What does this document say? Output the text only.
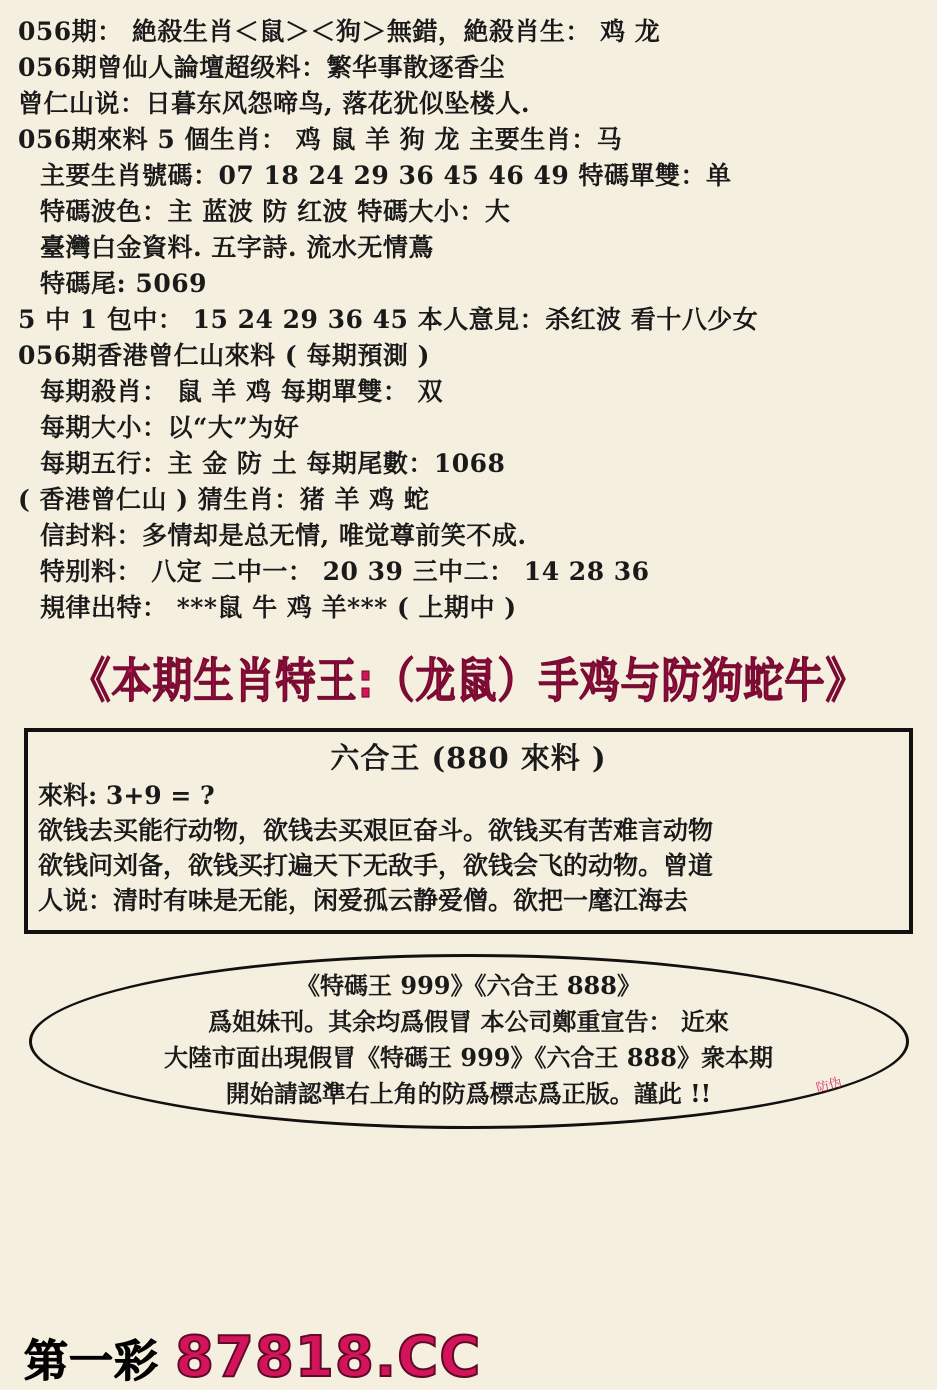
056期： 絶殺生肖＜鼠＞＜狗＞無錯，絶殺肖生： 鸡 龙
056期曾仙人論壇超级料：繁华事散逐香尘
曾仁山说：日暮东风怨啼鸟, 落花犹似坠楼人.
056期來料 5 個生肖： 鸡 鼠 羊 狗 龙 主要生肖：马
主要生肖號碼：07 18 24 29 36 45 46 49 特碼單雙：单
特碼波色：主 蓝波 防 红波 特碼大小：大
臺灣白金資料. 五字詩. 流水无情蔦
特碼尾: 5069
5 中 1 包中： 15 24 29 36 45 本人意見：杀红波 看十八少女
056期香港曾仁山來料 ( 每期預測 )
每期殺肖： 鼠 羊 鸡 每期單雙： 双
每期大小：以“大”为好
每期五行：主 金 防 土 每期尾數：1068
( 香港曾仁山 ) 猜生肖：猪 羊 鸡 蛇
信封料：多情却是总无情, 唯觉尊前笑不成.
特别料： 八定 二中一： 20 39 三中二： 14 28 36
規律出特： ***鼠 牛 鸡 羊*** ( 上期中 )
《本期生肖特王:（龙鼠）手鸡与防狗蛇牛》
六合王 (880 來料 )
來料: 3+9 = ?
欲钱去买能行动物，欲钱去买艰叵奋斗。欲钱买有苦难言动物
欲钱问刘备，欲钱买打遍天下无敌手，欲钱会飞的动物。曾道
人说：清时有味是无能，闲爱孤云静爱僧。欲把一麾江海去
《特碼王 999》《六合王 888》
爲姐妹刊。其余均爲假冒 本公司鄭重宣告： 近來
大陸市面出現假冒《特碼王 999》《六合王 888》衆本期
開始請認準右上角的防爲標志爲正版。謹此 !!	防伪
第一彩 87818.CC
